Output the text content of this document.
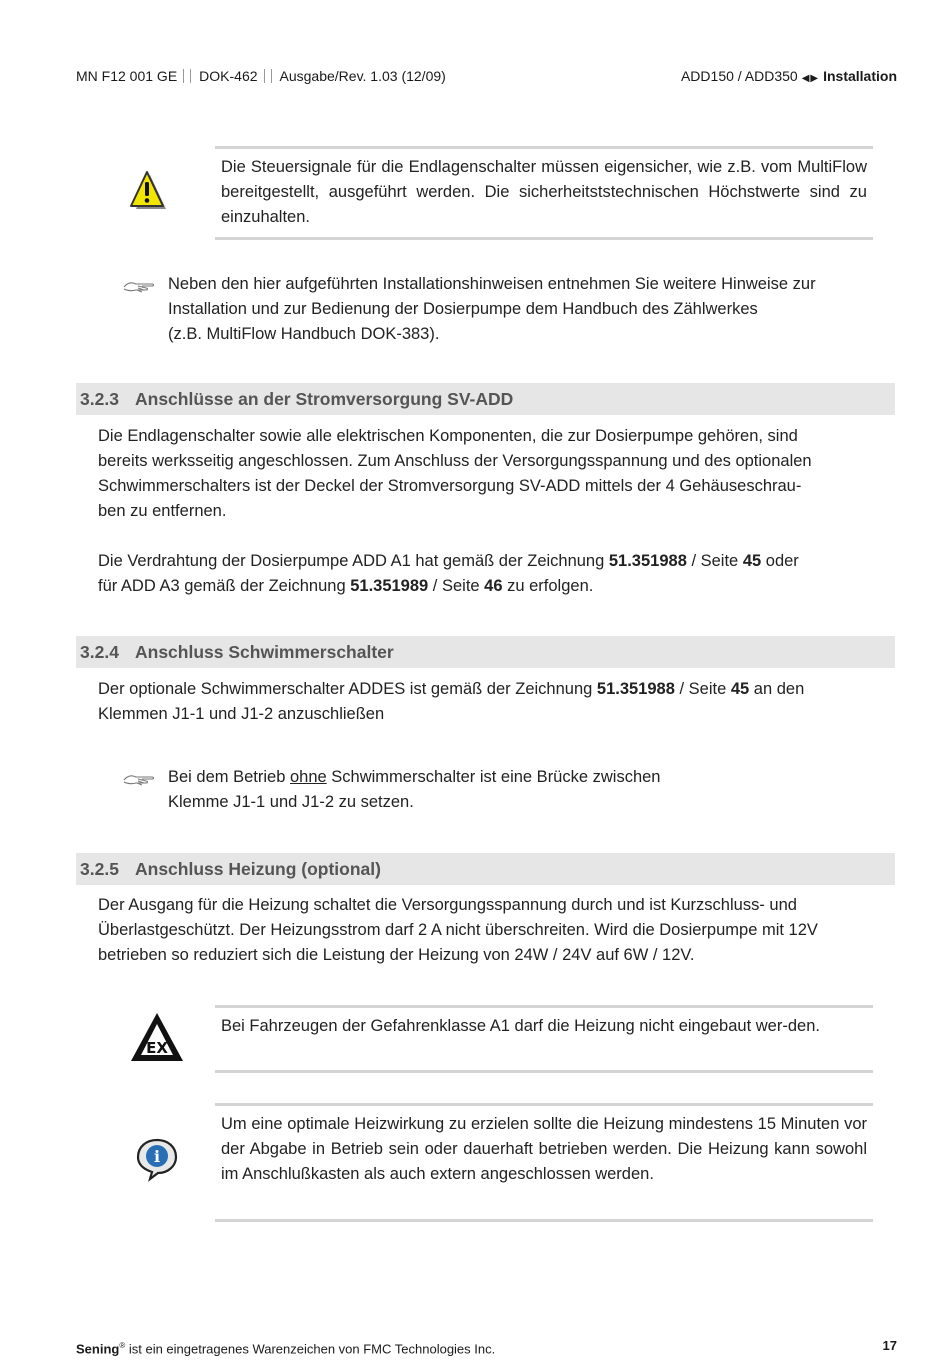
MN F12 001 GE DOK-462 Ausgabe/Rev. 1.03 (12/09)	ADD150 / ADD350 ◀▶ Installation
Die Steuersignale für die Endlagenschalter müssen eigensicher, wie z.B. vom MultiFlow bereitgestellt, ausgeführt werden. Die sicherheitststechnischen Höchstwerte sind zu einzuhalten.
Neben den hier aufgeführten Installationshinweisen entnehmen Sie weitere Hinweise zur
Installation und zur Bedienung der Dosierpumpe dem Handbuch des Zählwerkes
(z.B. MultiFlow Handbuch DOK-383).
3.2.3 Anschlüsse an der Stromversorgung SV-ADD
Die Endlagenschalter sowie alle elektrischen Komponenten, die zur Dosierpumpe gehören, sind
bereits werksseitig angeschlossen. Zum Anschluss der Versorgungsspannung und des optionalen
Schwimmerschalters ist der Deckel der Stromversorgung SV-ADD mittels der 4 Gehäuseschrau-
ben zu entfernen.
Die Verdrahtung der Dosierpumpe ADD A1 hat gemäß der Zeichnung 51.351988 / Seite 45 oder
für ADD A3 gemäß der Zeichnung 51.351989 / Seite 46 zu erfolgen.
3.2.4 Anschluss Schwimmerschalter
Der optionale Schwimmerschalter ADDES ist gemäß der Zeichnung 51.351988 / Seite 45 an den
Klemmen J1-1 und J1-2 anzuschließen
Bei dem Betrieb ohne Schwimmerschalter ist eine Brücke zwischen
Klemme J1-1 und J1-2 zu setzen.
3.2.5 Anschluss Heizung (optional)
Der Ausgang für die Heizung schaltet die Versorgungsspannung durch und ist Kurzschluss- und
Überlastgeschützt. Der Heizungsstrom darf 2 A nicht überschreiten. Wird die Dosierpumpe mit 12V
betrieben so reduziert sich die Leistung der Heizung von 24W / 24V auf 6W / 12V.
EX
Bei Fahrzeugen der Gefahrenklasse A1 darf die Heizung nicht eingebaut wer-den.
i
Um eine optimale Heizwirkung zu erzielen sollte die Heizung mindestens 15 Minuten vor der Abgabe in Betrieb sein oder dauerhaft betrieben werden. Die Heizung kann sowohl im Anschlußkasten als auch extern angeschlossen werden.
Sening® ist ein eingetragenes Warenzeichen von FMC Technologies Inc.	17
